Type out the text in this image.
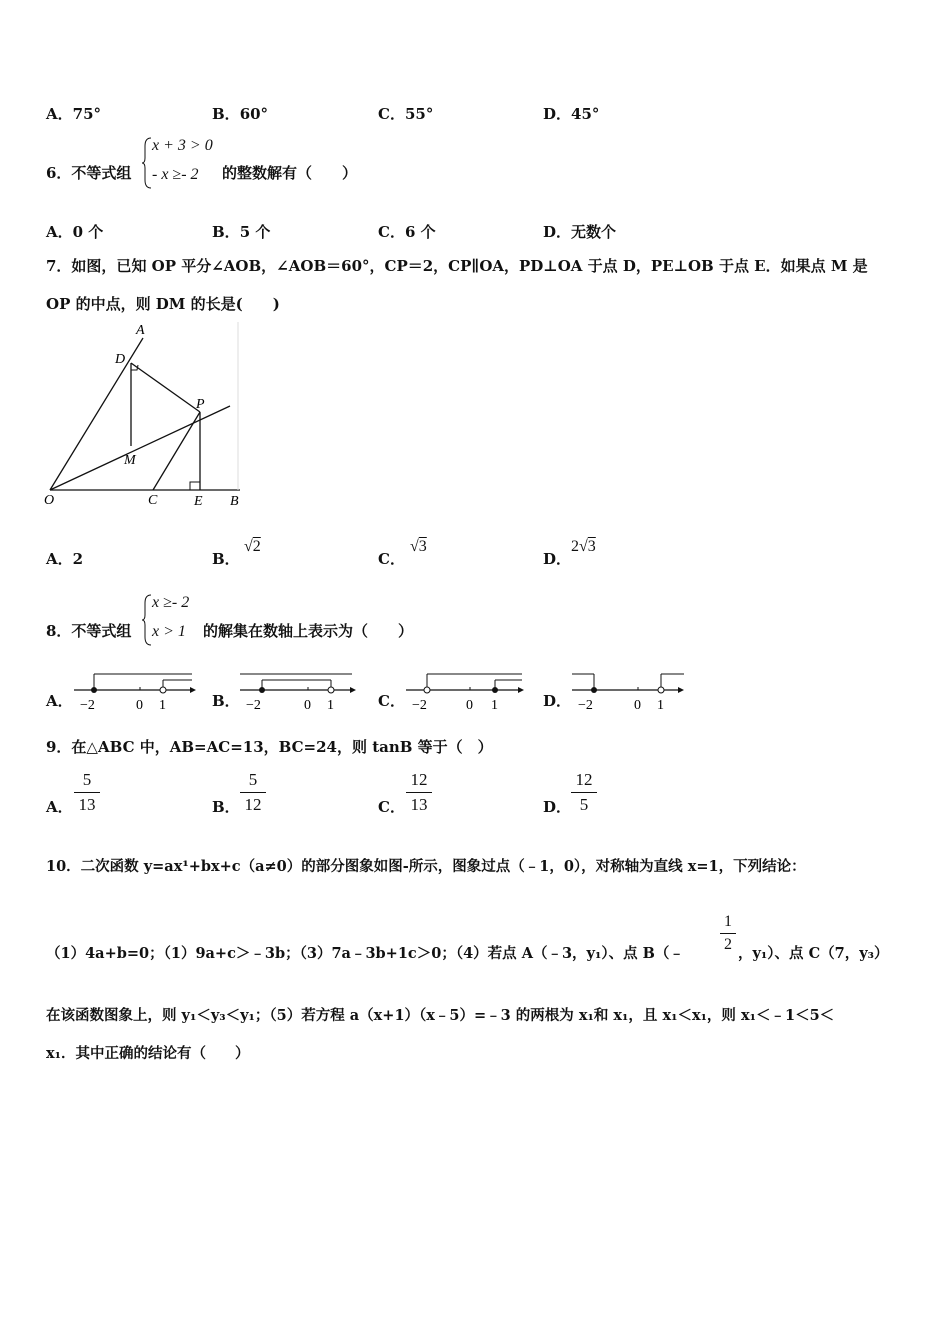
A．75°	B．60°	C．55°	D．45°
6．不等式组
x + 3 > 0
- x ≥- 2 的整数解有（　　）
A．0 个	B．5 个	C．6 个	D．无数个
7．如图，已知 OP 平分∠AOB，∠AOB＝60°，CP＝2，CP∥OA，PD⊥OA 于点 D，PE⊥OB 于点 E．如果点 M 是
OP 的中点，则 DM 的长是(　　)
A
D
P
M
O	C	E B
A．2	B．
√2
C．
√3
D．
2√3
8．不等式组
x ≥- 2
x > 1 的解集在数轴上表示为（　　）
A．	B．	C．	D．
−2	0 1	−2	0 1	−2	0 1	−2	0 1
9．在△ABC 中，AB=AC=13，BC=24，则 tanB 等于（　）
A．
5
13	B．
5
12	C．
12
13	D．
12
5
10．二次函数 y=ax¹+bx+c（a≠0）的部分图象如图-所示，图象过点（﹣1，0），对称轴为直线 x=1，下列结论：
（1）4a+b=0；（1）9a+c＞﹣3b；（3）7a﹣3b+1c＞0；（4）若点 A（﹣3，y₁）、点 B（﹣
1
2
，y₁）、点 C（7，y₃）
在该函数图象上，则 y₁＜y₃＜y₁；（5）若方程 a（x+1）（x﹣5）=﹣3 的两根为 x₁和 x₁，且 x₁＜x₁，则 x₁＜﹣1＜5＜
x₁．其中正确的结论有（　　）
